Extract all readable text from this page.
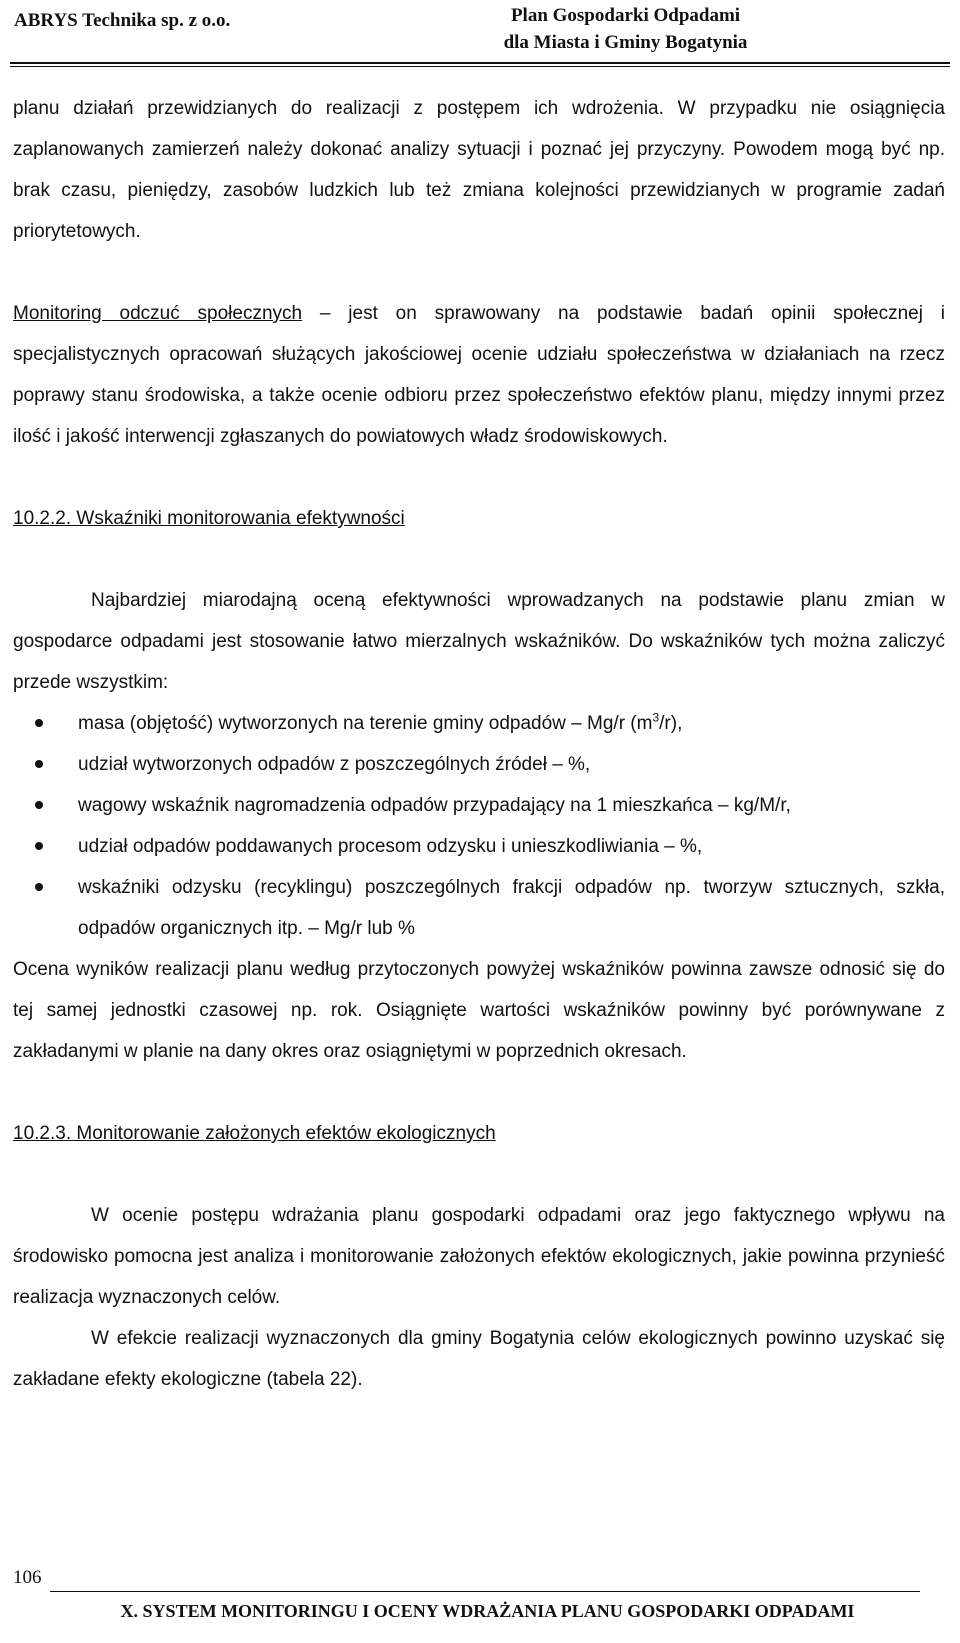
ABRYS Technika sp. z o.o.	Plan Gospodarki Odpadami
dla Miasta i Gminy Bogatynia

planu działań przewidzianych do realizacji z postępem ich wdrożenia. W przypadku nie osiągnięcia zaplanowanych zamierzeń należy dokonać analizy sytuacji i poznać jej przyczyny. Powodem mogą być np. brak czasu, pieniędzy, zasobów ludzkich lub też zmiana kolejności przewidzianych w programie zadań priorytetowych.

Monitoring odczuć społecznych – jest on sprawowany na podstawie badań opinii społecznej i specjalistycznych opracowań służących jakościowej ocenie udziału społeczeństwa w działaniach na rzecz poprawy stanu środowiska, a także ocenie odbioru przez społeczeństwo efektów planu, między innymi przez ilość i jakość interwencji zgłaszanych do powiatowych władz środowiskowych.

10.2.2. Wskaźniki monitorowania efektywności

Najbardziej miarodajną oceną efektywności wprowadzanych na podstawie planu zmian w gospodarce odpadami jest stosowanie łatwo mierzalnych wskaźników. Do wskaźników tych można zaliczyć przede wszystkim:

masa (objętość) wytworzonych na terenie gminy odpadów – Mg/r $(m^3/r)$,
udział wytworzonych odpadów z poszczególnych źródeł – %,
wagowy wskaźnik nagromadzenia odpadów przypadający na 1 mieszkańca – kg/M/r,
udział odpadów poddawanych procesom odzysku i unieszkodliwiania – %,
wskaźniki odzysku (recyklingu) poszczególnych frakcji odpadów np. tworzyw sztucznych, szkła, odpadów organicznych itp. – Mg/r lub %

Ocena wyników realizacji planu według przytoczonych powyżej wskaźników powinna zawsze odnosić się do tej samej jednostki czasowej np. rok. Osiągnięte wartości wskaźników powinny być porównywane z zakładanymi w planie na dany okres oraz osiągniętymi w poprzednich okresach.

10.2.3. Monitorowanie założonych efektów ekologicznych

W ocenie postępu wdrażania planu gospodarki odpadami oraz jego faktycznego wpływu na środowisko pomocna jest analiza i monitorowanie założonych efektów ekologicznych, jakie powinna przynieść realizacja wyznaczonych celów.

W efekcie realizacji wyznaczonych dla gminy Bogatynia celów ekologicznych powinno uzyskać się zakładane efekty ekologiczne (tabela 22).

106
X. SYSTEM MONITORINGU I OCENY WDRAŻANIA PLANU GOSPODARKI ODPADAMI
